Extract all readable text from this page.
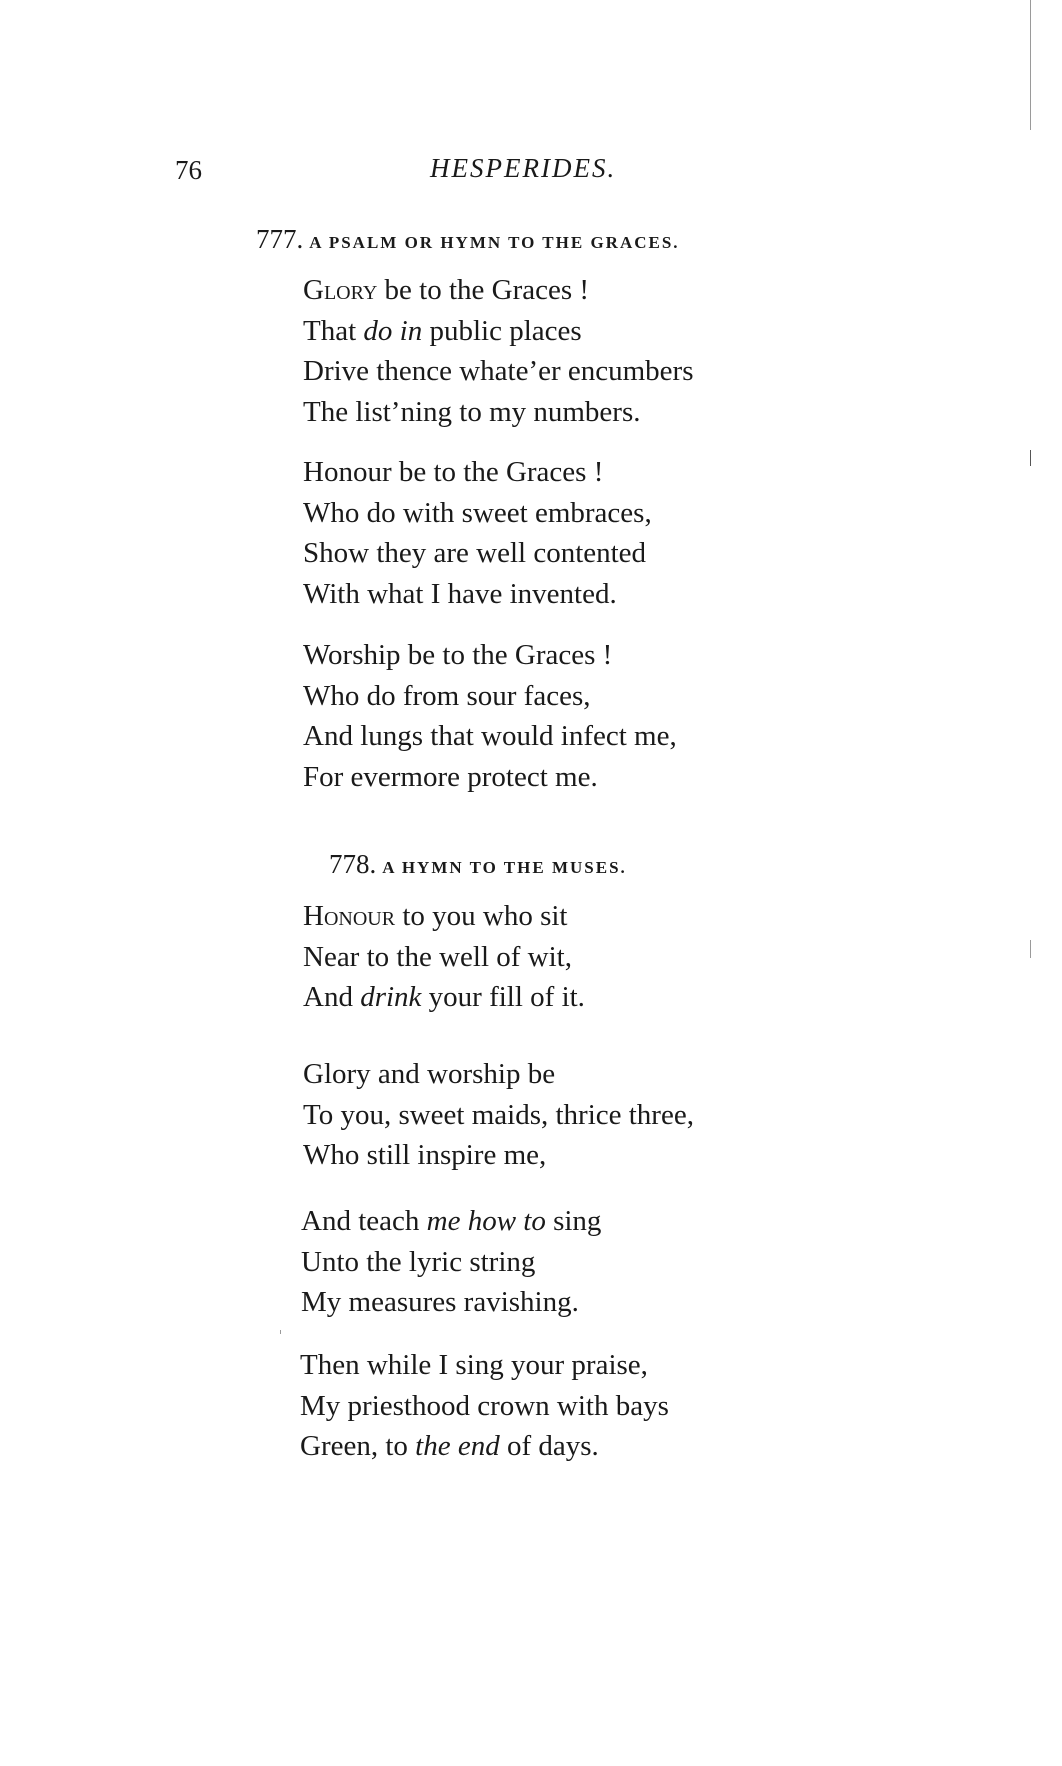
76	HESPERIDES.
777. A PSALM OR HYMN TO THE GRACES.
Glory be to the Graces !
That do in public places
Drive thence whate’er encumbers
The list’ning to my numbers.
Honour be to the Graces !
Who do with sweet embraces,
Show they are well contented
With what I have invented.
Worship be to the Graces !
Who do from sour faces,
And lungs that would infect me,
For evermore protect me.
778. A HYMN TO THE MUSES.
Honour to you who sit
Near to the well of wit,
And drink your fill of it.
Glory and worship be
To you, sweet maids, thrice three,
Who still inspire me,
And teach me how to sing
Unto the lyric string
My measures ravishing.
Then while I sing your praise,
My priesthood crown with bays
Green, to the end of days.
